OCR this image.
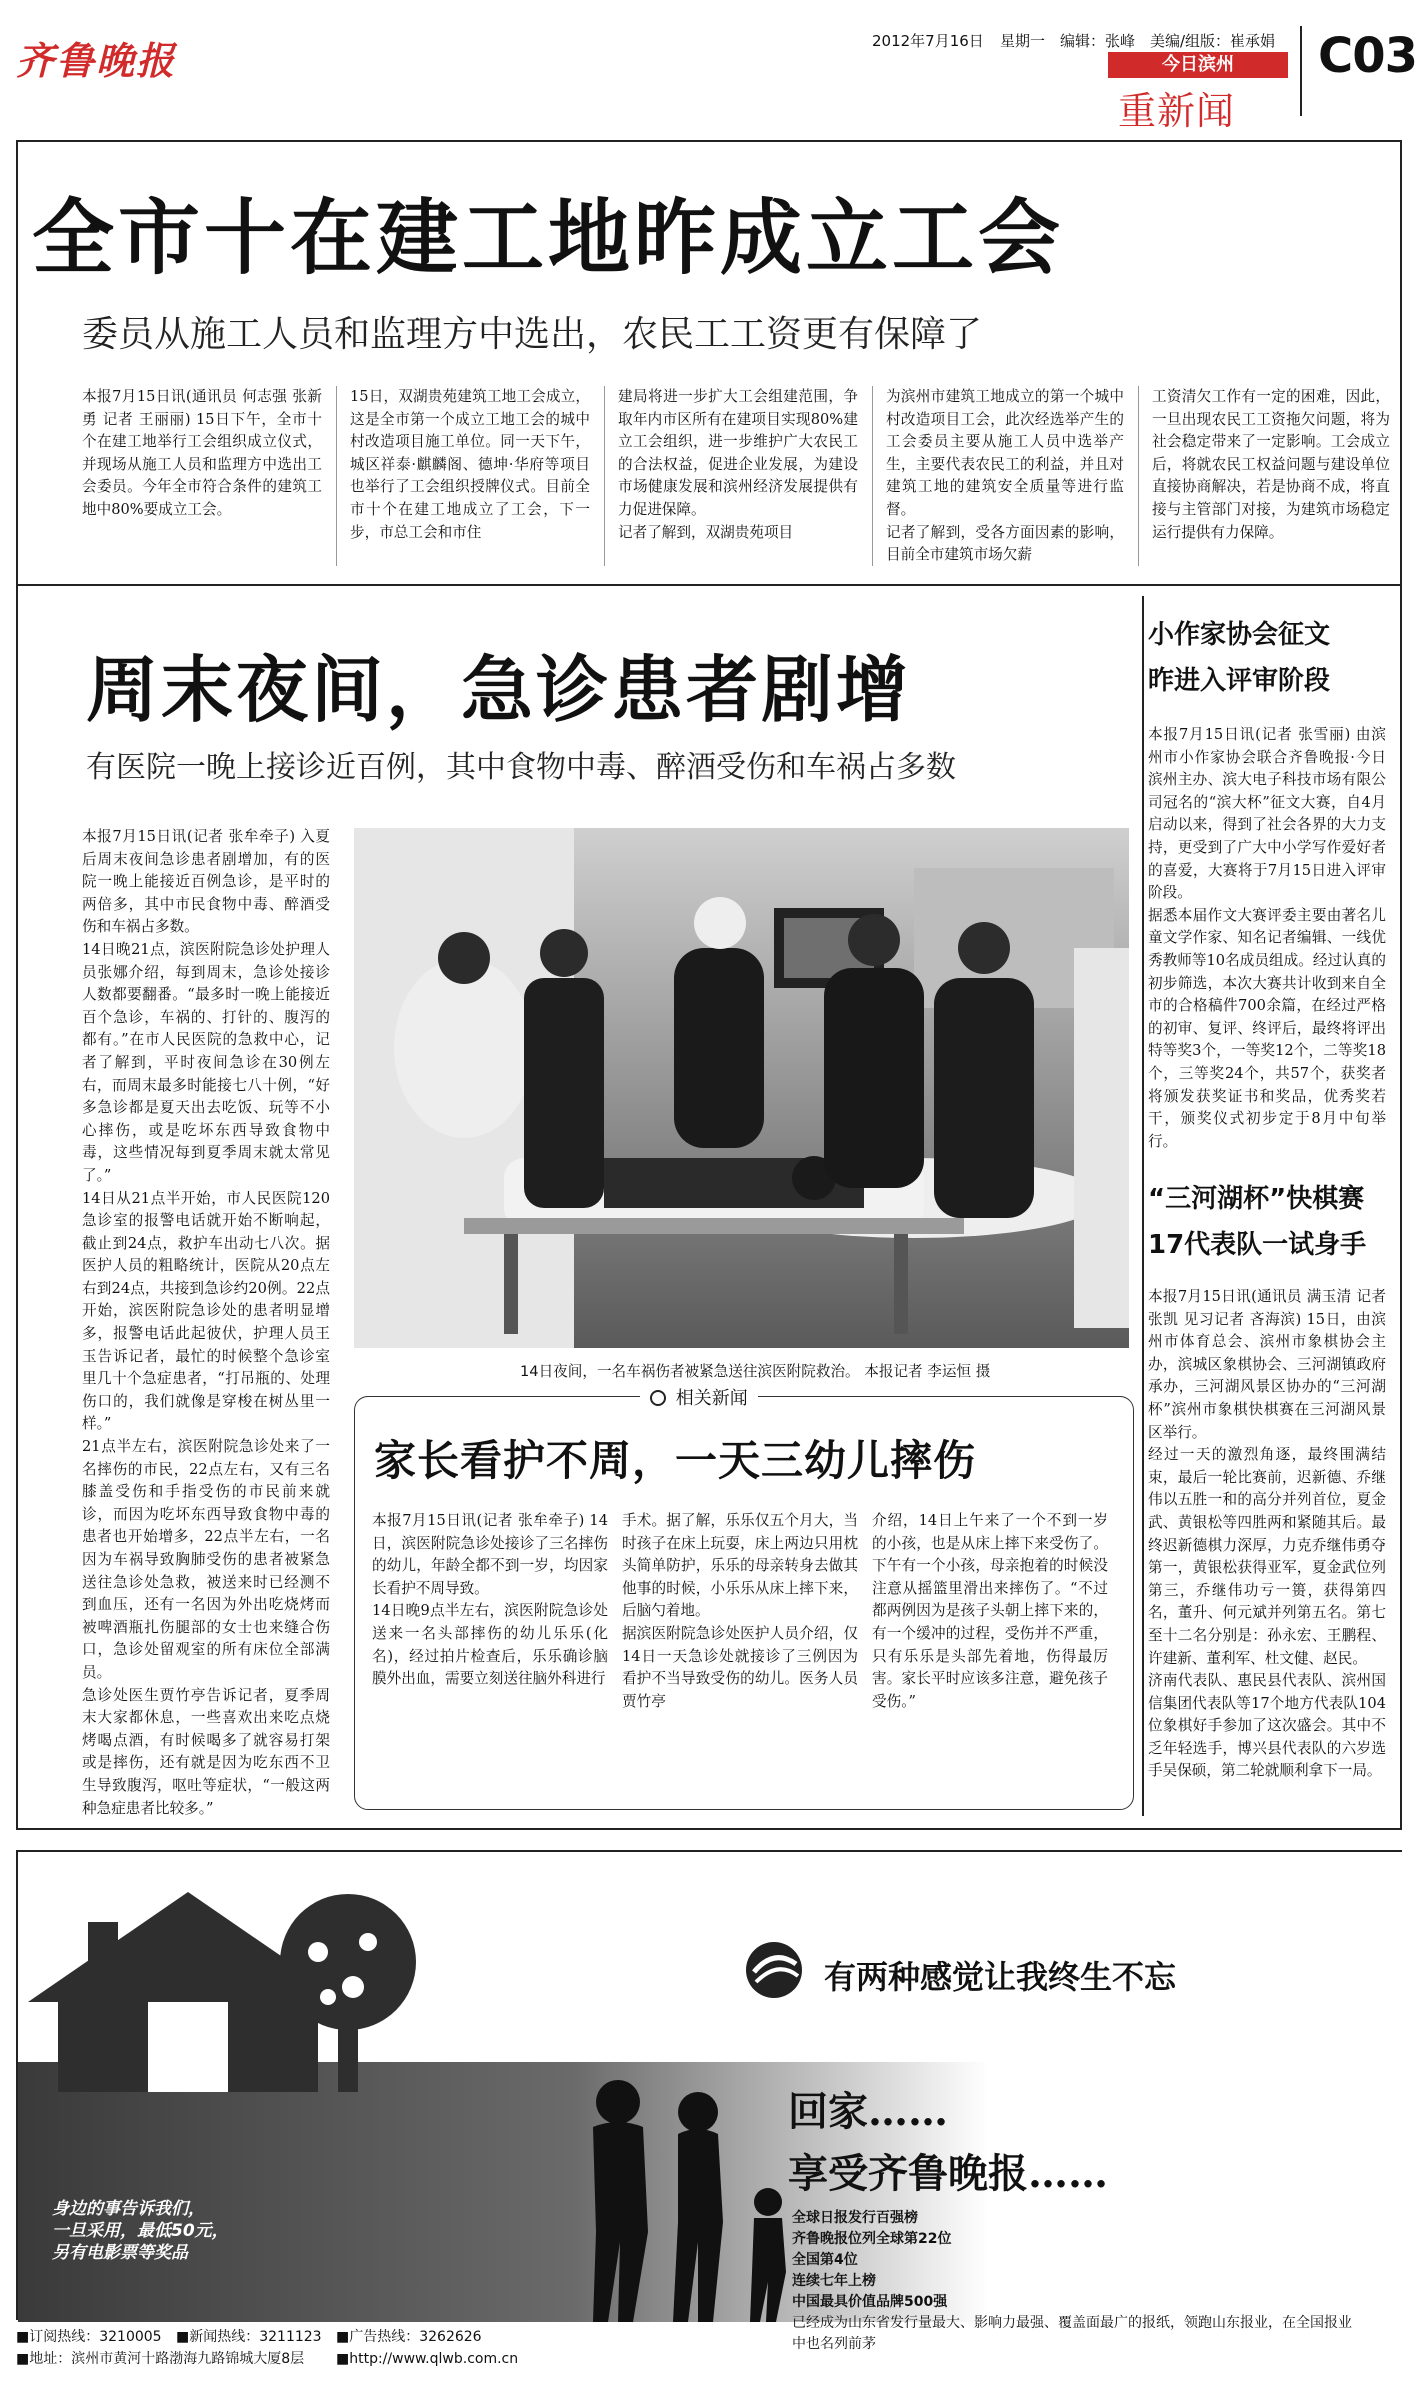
齐鲁晚报	2012年7月16日 星期一 编辑：张峰 美编/组版：崔承娟
今日滨州
重新闻
C03
全市十在建工地昨成立工会
委员从施工人员和监理方中选出，农民工工资更有保障了
本报7月15日讯(通讯员 何志强 张新勇 记者 王丽丽) 15日下午，全市十个在建工地举行工会组织成立仪式，并现场从施工人员和监理方中选出工会委员。今年全市符合条件的建筑工地中80%要成立工会。
15日，双湖贵苑建筑工地工会成立，这是全市第一个成立工地工会的城中村改造项目施工单位。同一天下午，城区祥泰·麒麟阁、德坤·华府等项目也举行了工会组织授牌仪式。目前全市十个在建工地成立了工会，下一步，市总工会和市住
建局将进一步扩大工会组建范围，争取年内市区所有在建项目实现80%建立工会组织，进一步维护广大农民工的合法权益，促进企业发展，为建设市场健康发展和滨州经济发展提供有力促进保障。
记者了解到，双湖贵苑项目
为滨州市建筑工地成立的第一个城中村改造项目工会，此次经选举产生的工会委员主要从施工人员中选举产生，主要代表农民工的利益，并且对建筑工地的建筑安全质量等进行监督。
记者了解到，受各方面因素的影响，目前全市建筑市场欠薪
工资清欠工作有一定的困难，因此，一旦出现农民工工资拖欠问题，将为社会稳定带来了一定影响。工会成立后，将就农民工权益问题与建设单位直接协商解决，若是协商不成，将直接与主管部门对接，为建筑市场稳定运行提供有力保障。
周末夜间，急诊患者剧增
有医院一晚上接诊近百例，其中食物中毒、醉酒受伤和车祸占多数
本报7月15日讯(记者 张牟牵子) 入夏后周末夜间急诊患者剧增加，有的医院一晚上能接近百例急诊，是平时的两倍多，其中市民食物中毒、醉酒受伤和车祸占多数。
14日晚21点，滨医附院急诊处护理人员张娜介绍，每到周末，急诊处接诊人数都要翻番。“最多时一晚上能接近百个急诊，车祸的、打针的、腹泻的都有。”在市人民医院的急救中心，记者了解到，平时夜间急诊在30例左右，而周末最多时能接七八十例，“好多急诊都是夏天出去吃饭、玩等不小心摔伤，或是吃坏东西导致食物中毒，这些情况每到夏季周末就太常见了。”
14日从21点半开始，市人民医院120急诊室的报警电话就开始不断响起，截止到24点，救护车出动七八次。据医护人员的粗略统计，医院从20点左右到24点，共接到急诊约20例。22点开始，滨医附院急诊处的患者明显增多，报警电话此起彼伏，护理人员王玉告诉记者，最忙的时候整个急诊室里几十个急症患者，“打吊瓶的、处理伤口的，我们就像是穿梭在树丛里一样。”
21点半左右，滨医附院急诊处来了一名摔伤的市民，22点左右，又有三名膝盖受伤和手指受伤的市民前来就诊，而因为吃坏东西导致食物中毒的患者也开始增多，22点半左右，一名因为车祸导致胸肺受伤的患者被紧急送往急诊处急救，被送来时已经测不到血压，还有一名因为外出吃烧烤而被啤酒瓶扎伤腿部的女士也来缝合伤口，急诊处留观室的所有床位全部满员。
急诊处医生贾竹亭告诉记者，夏季周末大家都休息，一些喜欢出来吃点烧烤喝点酒，有时候喝多了就容易打架或是摔伤，还有就是因为吃东西不卫生导致腹泻，呕吐等症状，“一般这两种急症患者比较多。”
14日夜间，一名车祸伤者被紧急送往滨医附院救治。 本报记者 李运恒 摄
相关新闻
家长看护不周，一天三幼儿摔伤
本报7月15日讯(记者 张牟牵子) 14日，滨医附院急诊处接诊了三名摔伤的幼儿，年龄全都不到一岁，均因家长看护不周导致。
14日晚9点半左右，滨医附院急诊处送来一名头部摔伤的幼儿乐乐(化名)，经过拍片检查后，乐乐确诊脑膜外出血，需要立刻送往脑外科进行
手术。据了解，乐乐仅五个月大，当时孩子在床上玩耍，床上两边只用枕头简单防护，乐乐的母亲转身去做其他事的时候，小乐乐从床上摔下来，后脑勺着地。
据滨医附院急诊处医护人员介绍，仅14日一天急诊处就接诊了三例因为看护不当导致受伤的幼儿。医务人员贾竹亭
介绍，14日上午来了一个不到一岁的小孩，也是从床上摔下来受伤了。下午有一个小孩，母亲抱着的时候没注意从摇篮里滑出来摔伤了。“不过都两例因为是孩子头朝上摔下来的，有一个缓冲的过程，受伤并不严重，只有乐乐是头部先着地，伤得最厉害。家长平时应该多注意，避免孩子受伤。”
小作家协会征文昨进入评审阶段
本报7月15日讯(记者 张雪丽) 由滨州市小作家协会联合齐鲁晚报·今日滨州主办、滨大电子科技市场有限公司冠名的“滨大杯”征文大赛，自4月启动以来，得到了社会各界的大力支持，更受到了广大中小学写作爱好者的喜爱，大赛将于7月15日进入评审阶段。
据悉本届作文大赛评委主要由著名儿童文学作家、知名记者编辑、一线优秀教师等10名成员组成。经过认真的初步筛选，本次大赛共计收到来自全市的合格稿件700余篇，在经过严格的初审、复评、终评后，最终将评出特等奖3个，一等奖12个，二等奖18个，三等奖24个，共57个，获奖者将颁发获奖证书和奖品，优秀奖若干，颁奖仪式初步定于8月中旬举行。
“三河湖杯”快棋赛17代表队一试身手
本报7月15日讯(通讯员 满玉清 记者 张凯 见习记者 吝海滨) 15日，由滨州市体育总会、滨州市象棋协会主办，滨城区象棋协会、三河湖镇政府承办，三河湖风景区协办的“三河湖杯”滨州市象棋快棋赛在三河湖风景区举行。
经过一天的激烈角逐，最终围满结束，最后一轮比赛前，迟新德、乔继伟以五胜一和的高分并列首位，夏金武、黄银松等四胜两和紧随其后。最终迟新德棋力深厚，力克乔继伟勇夺第一，黄银松获得亚军，夏金武位列第三，乔继伟功亏一篑，获得第四名，董升、何元斌并列第五名。第七至十二名分别是：孙永宏、王鹏程、许建新、董利军、杜文健、赵民。
济南代表队、惠民县代表队、滨州国信集团代表队等17个地方代表队104位象棋好手参加了这次盛会。其中不乏年轻选手，博兴县代表队的六岁选手吴保硕，第二轮就顺利拿下一局。
有两种感觉让我终生不忘
回家……
享受齐鲁晚报……
身边的事告诉我们，
一旦采用，最低50元，
另有电影票等奖品
全球日报发行百强榜
齐鲁晚报位列全球第22位
全国第4位
连续七年上榜
中国最具价值品牌500强
已经成为山东省发行量最大、影响力最强、覆盖面最广的报纸，领跑山东报业，在全国报业中也名列前茅
■订阅热线：3210005 ■新闻热线：3211123 ■广告热线：3262626
■地址：滨州市黄河十路渤海九路锦城大厦8层 ■http://www.qlwb.com.cn
